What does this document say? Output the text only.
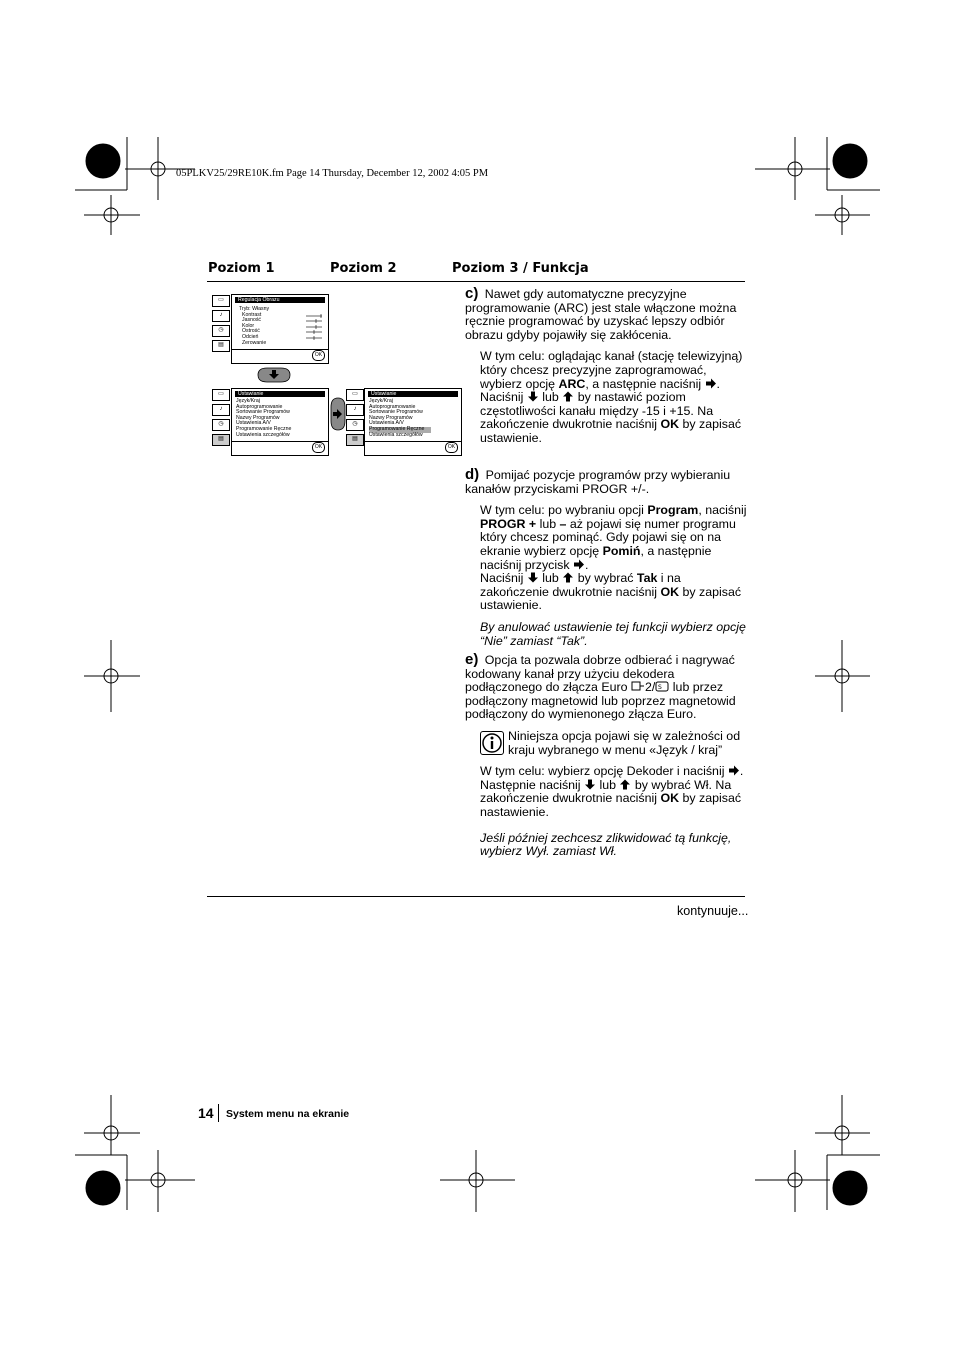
05PLKV25/29RE10K.fm Page 14 Thursday, December 12, 2002 4:05 PM
Poziom 1	Poziom 2	Poziom 3 / Funkcja
▭
♪
◷
▤
Regulacja Obrazu
Tryb: Własny
Kontrast
Jasność
Kolor
Ostrość
Odcień
Zerowanie
OK
▭
♪
◷
▤
Ustawianie
Język/Kraj
Autoprogramowanie
Sortowanie Programów
Nazwy Programów
Ustawienia A/V
Programowanie Ręczne
Ustawienia szczegółów
OK
▭
♪
◷
▤
Ustawianie
Język/Kraj
Autoprogramowanie
Sortowanie Programów
Nazwy Programów
Ustawienia A/V
Programowanie Ręczne
Ustawienia szczegółów
OK
c) Nawet gdy automatyczne precyzyjne programowanie (ARC) jest stale włączone można ręcznie programować by uzyskać lepszy odbiór obrazu gdyby pojawiły się zakłócenia.

W tym celu: oglądając kanał (stację telewizyjną) który chcesz precyzyjne zaprogramować, wybierz opcję ARC, a następnie naciśnij
. Naciśnij
lub
by nastawić poziom częstotliwości kanału między -15 i +15. Na zakończenie dwukrotnie naciśnij OK by zapisać ustawienie.

d) Pomijać pozycje programów przy wybieraniu kanałów przyciskami PROGR +/-.

W tym celu: po wybraniu opcji Program, naciśnij PROGR + lub – aż pojawi się numer programu który chcesz pominąć. Gdy pojawi się on na ekranie wybierz opcję Pomiń, a następnie naciśnij przycisk
.
Naciśnij
lub
by wybrać Tak i na zakończenie dwukrotnie naciśnij OK by zapisać ustawienie.

By anulować ustawienie tej funkcji wybierz opcję “Nie” zamiast “Tak”.

e) Opcja ta pozwala dobrze odbierać i nagrywać kodowany kanał przy użyciu dekodera podłączonego do złącza Euro
2/ S lub przez podłączony magnetowid lub poprzez magnetowid podłączony do wymienonego złącza Euro.
Niniejsza opcja pojawi się w zależności od kraju wybranego w menu «Język / kraj”

W tym celu: wybierz opcję Dekoder i naciśnij
. Następnie naciśnij
lub
by wybrać Wł. Na zakończenie dwukrotnie naciśnij OK by zapisać nastawienie.

Jeśli później zechcesz zlikwidować tą funkcję, wybierz Wył. zamiast Wł.

kontynuuje...
14 System menu na ekranie
